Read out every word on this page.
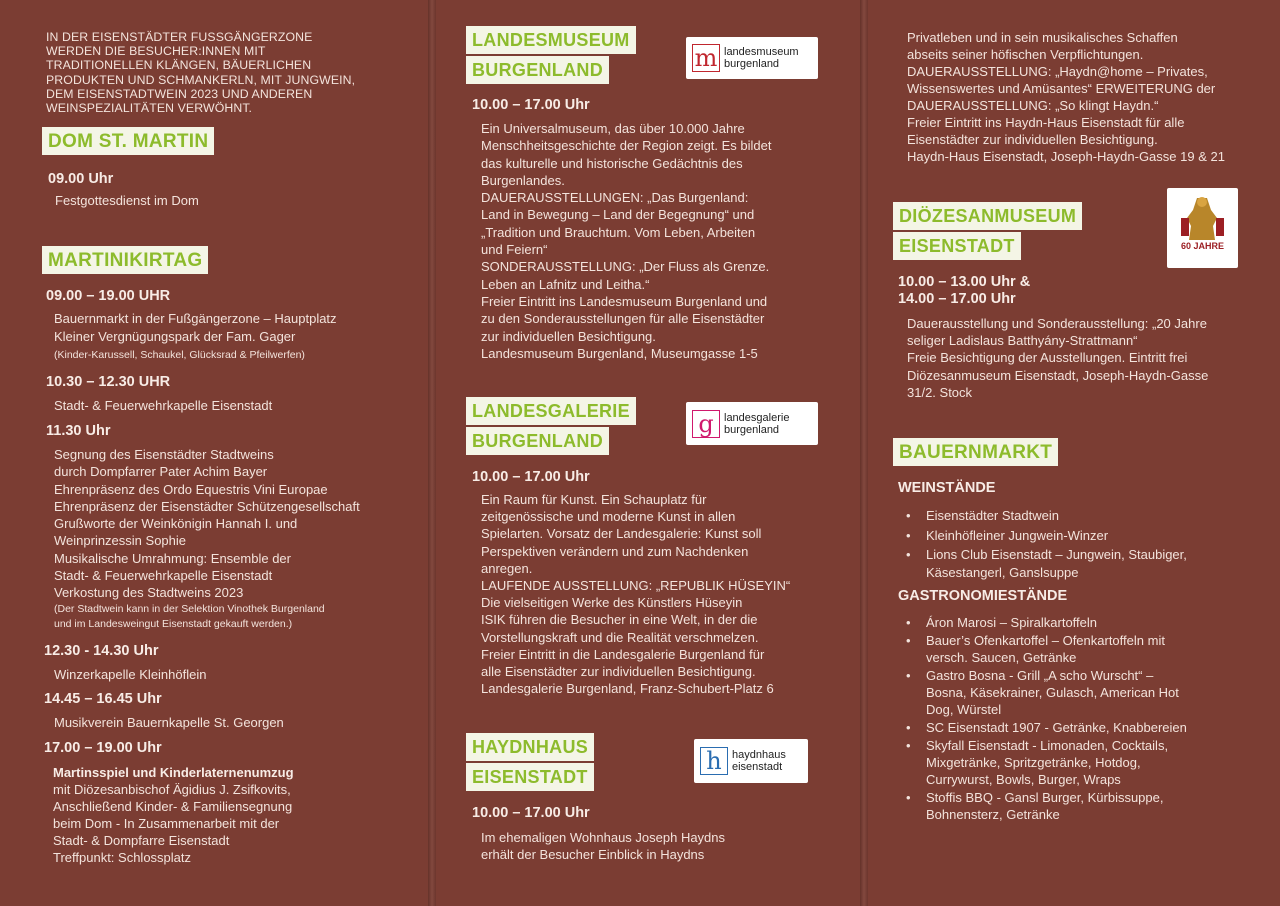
IN DER EISENSTÄDTER FUSSGÄNGERZONE
WERDEN DIE BESUCHER:INNEN MIT
TRADITIONELLEN KLÄNGEN, BÄUERLICHEN
PRODUKTEN UND SCHMANKERLN, MIT JUNGWEIN,
DEM EISENSTADTWEIN 2023 UND ANDEREN
WEINSPEZIALITÄTEN VERWÖHNT.
DOM ST. MARTIN
09.00 Uhr
Festgottesdienst im Dom
MARTINIKIRTAG
09.00 – 19.00 UHR
Bauernmarkt in der Fußgängerzone – Hauptplatz
Kleiner Vergnügungspark der Fam. Gager
(Kinder-Karussell, Schaukel, Glücksrad & Pfeilwerfen)
10.30 – 12.30 UHR
Stadt- & Feuerwehrkapelle Eisenstadt
11.30 Uhr
Segnung des Eisenstädter Stadtweins
durch Dompfarrer Pater Achim Bayer
Ehrenpräsenz des Ordo Equestris Vini Europae
Ehrenpräsenz der Eisenstädter Schützengesellschaft
Grußworte der Weinkönigin Hannah I. und
Weinprinzessin Sophie
Musikalische Umrahmung: Ensemble der
Stadt- & Feuerwehrkapelle Eisenstadt
Verkostung des Stadtweins 2023
(Der Stadtwein kann in der Selektion Vinothek Burgenland
und im Landesweingut Eisenstadt gekauft werden.)
12.30 - 14.30 Uhr
Winzerkapelle Kleinhöflein
14.45 – 16.45 Uhr
Musikverein Bauernkapelle St. Georgen
17.00 – 19.00 Uhr
Martinsspiel und Kinderlaternenumzug
mit Diözesanbischof Ägidius J. Zsifkovits,
Anschließend Kinder- & Familiensegnung
beim Dom - In Zusammenarbeit mit der
Stadt- & Dompfarre Eisenstadt
Treffpunkt: Schlossplatz
LANDESMUSEUM
BURGENLAND	m landesmuseum
burgenland
10.00 – 17.00 Uhr
Ein Universalmuseum, das über 10.000 Jahre
Menschheitsgeschichte der Region zeigt. Es bildet
das kulturelle und historische Gedächtnis des
Burgenlandes.
DAUERAUSSTELLUNGEN: „Das Burgenland:
Land in Bewegung – Land der Begegnung“ und
„Tradition und Brauchtum. Vom Leben, Arbeiten
und Feiern“
SONDERAUSSTELLUNG: „Der Fluss als Grenze.
Leben an Lafnitz und Leitha.“
Freier Eintritt ins Landesmuseum Burgenland und
zu den Sonderausstellungen für alle Eisenstädter
zur individuellen Besichtigung.
Landesmuseum Burgenland, Museumgasse 1-5
LANDESGALERIE
BURGENLAND
g landesgalerie
burgenland
10.00 – 17.00 Uhr
Ein Raum für Kunst. Ein Schauplatz für
zeitgenössische und moderne Kunst in allen
Spielarten. Vorsatz der Landesgalerie: Kunst soll
Perspektiven verändern und zum Nachdenken
anregen.
LAUFENDE AUSSTELLUNG: „REPUBLIK HÜSEYIN“
Die vielseitigen Werke des Künstlers Hüseyin
ISIK führen die Besucher in eine Welt, in der die
Vorstellungskraft und die Realität verschmelzen.
Freier Eintritt in die Landesgalerie Burgenland für
alle Eisenstädter zur individuellen Besichtigung.
Landesgalerie Burgenland, Franz-Schubert-Platz 6
HAYDNHAUS
EISENSTADT
h haydnhaus
eisenstadt
10.00 – 17.00 Uhr
Im ehemaligen Wohnhaus Joseph Haydns
erhält der Besucher Einblick in Haydns
Privatleben und in sein musikalisches Schaffen
abseits seiner höfischen Verpflichtungen.
DAUERAUSSTELLUNG: „Haydn@home – Privates,
Wissenswertes und Amüsantes“ ERWEITERUNG der
DAUERAUSSTELLUNG: „So klingt Haydn.“
Freier Eintritt ins Haydn-Haus Eisenstadt für alle
Eisenstädter zur individuellen Besichtigung.
Haydn-Haus Eisenstadt, Joseph-Haydn-Gasse 19 & 21
DIÖZESANMUSEUM
EISENSTADT	60 JAHRE
10.00 – 13.00 Uhr &
14.00 – 17.00 Uhr
Dauerausstellung und Sonderausstellung: „20 Jahre
seliger Ladislaus Batthyány-Strattmann“
Freie Besichtigung der Ausstellungen. Eintritt frei
Diözesanmuseum Eisenstadt, Joseph-Haydn-Gasse
31/2. Stock
BAUERNMARKT
WEINSTÄNDE
• Eisenstädter Stadtwein
• Kleinhöfleiner Jungwein-Winzer
• Lions Club Eisenstadt – Jungwein, Staubiger,
Käsestangerl, Ganslsuppe
GASTRONOMIESTÄNDE
• Áron Marosi – Spiralkartoffeln
• Bauer’s Ofenkartoffel – Ofenkartoffeln mit
versch. Saucen, Getränke
• Gastro Bosna - Grill „A scho Wurscht“ –
Bosna, Käsekrainer, Gulasch, American Hot
Dog, Würstel
• SC Eisenstadt 1907 - Getränke, Knabbereien
• Skyfall Eisenstadt - Limonaden, Cocktails,
Mixgetränke, Spritzgetränke, Hotdog,
Currywurst, Bowls, Burger, Wraps
• Stoffis BBQ - Gansl Burger, Kürbissuppe,
Bohnensterz, Getränke
